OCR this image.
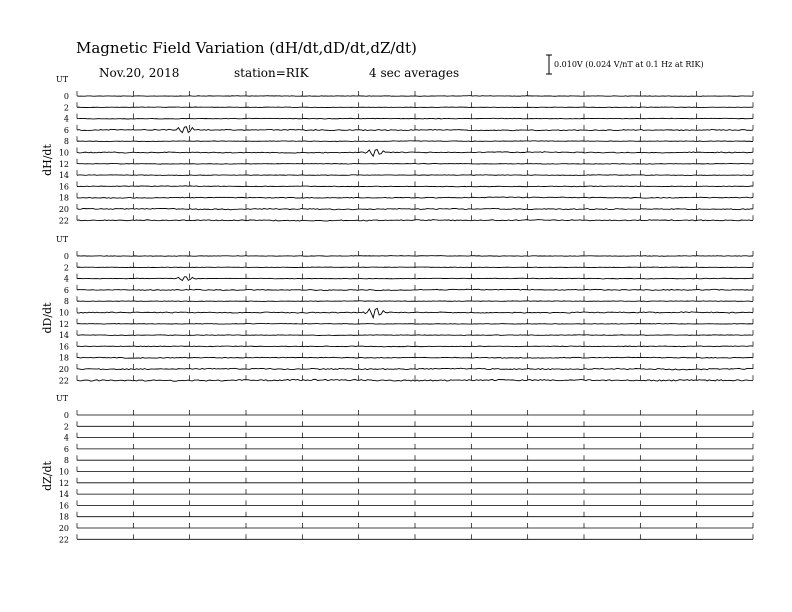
Magnetic Field Variation (dH/dt,dD/dt,dZ/dt)
Nov.20, 2018	station=RIK	4 sec averages
0.010V (0.024 V/nT at 0.1 Hz at RIK)
UT
dH/dt
0
2
4
6
8
10
12
14
16
18
20
22
UT
dD/dt
0
2
4
6
8
10
12
14
16
18
20
22
UT
dZ/dt
0
2
4
6
8
10
12
14
16
18
20
22
